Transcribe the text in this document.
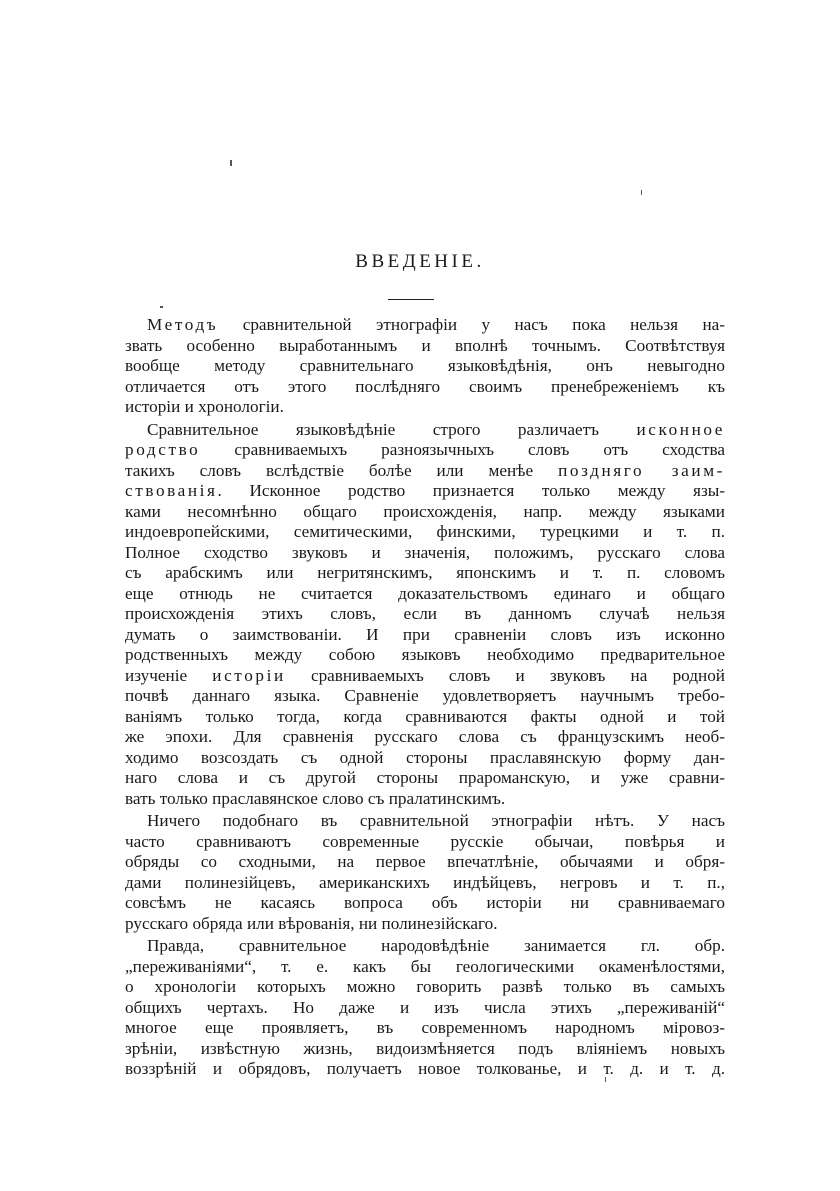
ВВЕДЕНІЕ.

Методъ сравнительной этнографіи у насъ пока нельзя на-
звать особенно выработаннымъ и вполнѣ точнымъ. Соотвѣтствуя
вообще методу сравнительнаго языковѣдѣнія, онъ невыгодно
отличается отъ этого послѣдняго своимъ пренебреженіемъ къ
исторіи и хронологіи.

Сравнительное языковѣдѣніе строго различаетъ исконное
родство сравниваемыхъ разноязычныхъ словъ отъ сходства
такихъ словъ вслѣдствіе болѣе или менѣе поздняго заим-
ствованія. Исконное родство признается только между язы-
ками несомнѣнно общаго происхожденія, напр. между языками
индоевропейскими, семитическими, финскими, турецкими и т. п.
Полное сходство звуковъ и значенія, положимъ, русскаго слова
съ арабскимъ или негритянскимъ, японскимъ и т. п. словомъ
еще отнюдь не считается доказательствомъ единаго и общаго
происхожденія этихъ словъ, если въ данномъ случаѣ нельзя
думать о заимствованіи. И при сравненіи словъ изъ исконно
родственныхъ между собою языковъ необходимо предварительное
изученіе исторіи сравниваемыхъ словъ и звуковъ на родной
почвѣ даннаго языка. Сравненіе удовлетворяетъ научнымъ требо-
ваніямъ только тогда, когда сравниваются факты одной и той
же эпохи. Для сравненія русскаго слова съ французскимъ необ-
ходимо возсоздать съ одной стороны праславянскую форму дан-
наго слова и съ другой стороны прароманскую, и уже сравни-
вать только праславянское слово съ пралатинскимъ.

Ничего подобнаго въ сравнительной этнографіи нѣтъ. У насъ
часто сравниваютъ современные русскіе обычаи, повѣрья и
обряды со сходными, на первое впечатлѣніе, обычаями и обря-
дами полинезійцевъ, американскихъ индѣйцевъ, негровъ и т. п.,
совсѣмъ не касаясь вопроса объ исторіи ни сравниваемаго
русскаго обряда или вѣрованія, ни полинезійскаго.

Правда, сравнительное народовѣдѣніе занимается гл. обр.
„переживаніями“, т. е. какъ бы геологическими окаменѣлостями,
о хронологіи которыхъ можно говорить развѣ только въ самыхъ
общихъ чертахъ. Но даже и изъ числа этихъ „переживаній“
многое еще проявляетъ, въ современномъ народномъ міровоз-
зрѣніи, извѣстную жизнь, видоизмѣняется подъ вліяніемъ новыхъ
воззрѣній и обрядовъ, получаетъ новое толкованье, и т. д. и т. д.
